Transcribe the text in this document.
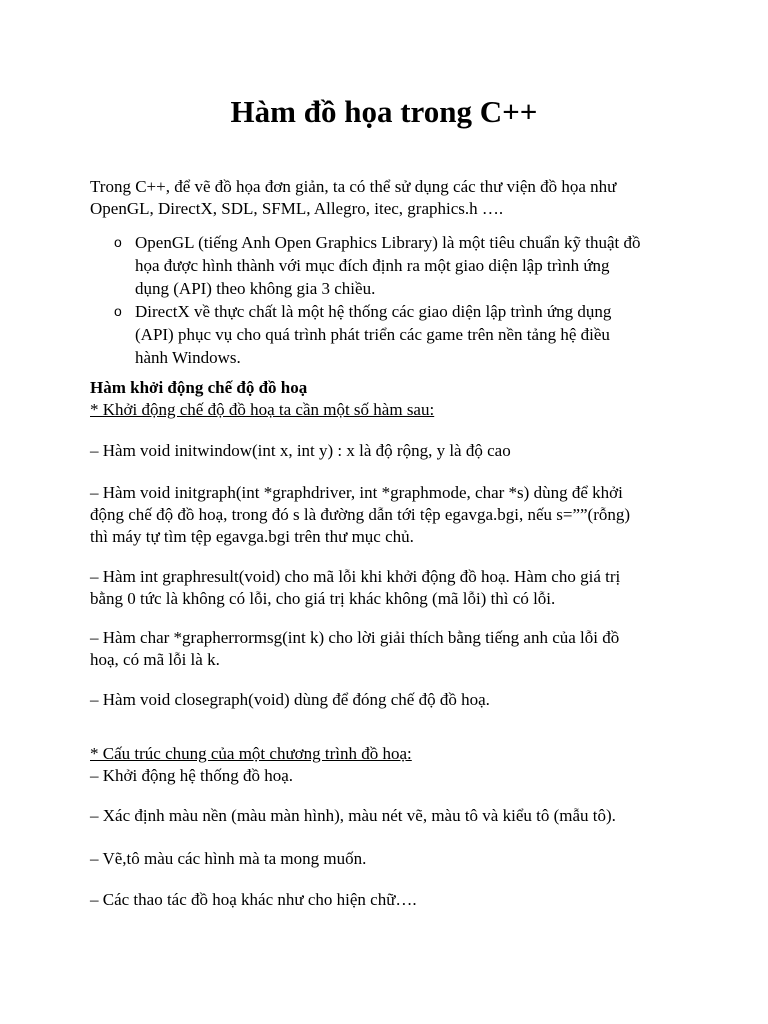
Hàm đồ họa trong C++
Trong C++, để vẽ đồ họa đơn giản, ta có thể sử dụng các thư viện đồ họa như
OpenGL, DirectX, SDL, SFML, Allegro, itec, graphics.h ….
o OpenGL (tiếng Anh Open Graphics Library) là một tiêu chuẩn kỹ thuật đồ
họa được hình thành với mục đích định ra một giao diện lập trình ứng
dụng (API) theo không gia 3 chiều.
o DirectX về thực chất là một hệ thống các giao diện lập trình ứng dụng
(API) phục vụ cho quá trình phát triển các game trên nền tảng hệ điều
hành Windows.
Hàm khởi động chế độ đồ hoạ
* Khởi động chế độ đồ hoạ ta cần một số hàm sau:
– Hàm void initwindow(int x, int y) : x là độ rộng, y là độ cao
– Hàm void initgraph(int *graphdriver, int *graphmode, char *s) dùng để khởi
động chế độ đồ hoạ, trong đó s là đường dẫn tới tệp egavga.bgi, nếu s=””(rỗng)
thì máy tự tìm tệp egavga.bgi trên thư mục chủ.
– Hàm int graphresult(void) cho mã lỗi khi khởi động đồ hoạ. Hàm cho giá trị
bằng 0 tức là không có lỗi, cho giá trị khác không (mã lỗi) thì có lỗi.
– Hàm char *grapherrormsg(int k) cho lời giải thích bằng tiếng anh của lỗi đồ
hoạ, có mã lỗi là k.
– Hàm void closegraph(void) dùng để đóng chế độ đồ hoạ.
* Cấu trúc chung của một chương trình đồ hoạ:
– Khởi động hệ thống đồ hoạ.
– Xác định màu nền (màu màn hình), màu nét vẽ, màu tô và kiểu tô (mẫu tô).
– Vẽ,tô màu các hình mà ta mong muốn.
– Các thao tác đồ hoạ khác như cho hiện chữ….
